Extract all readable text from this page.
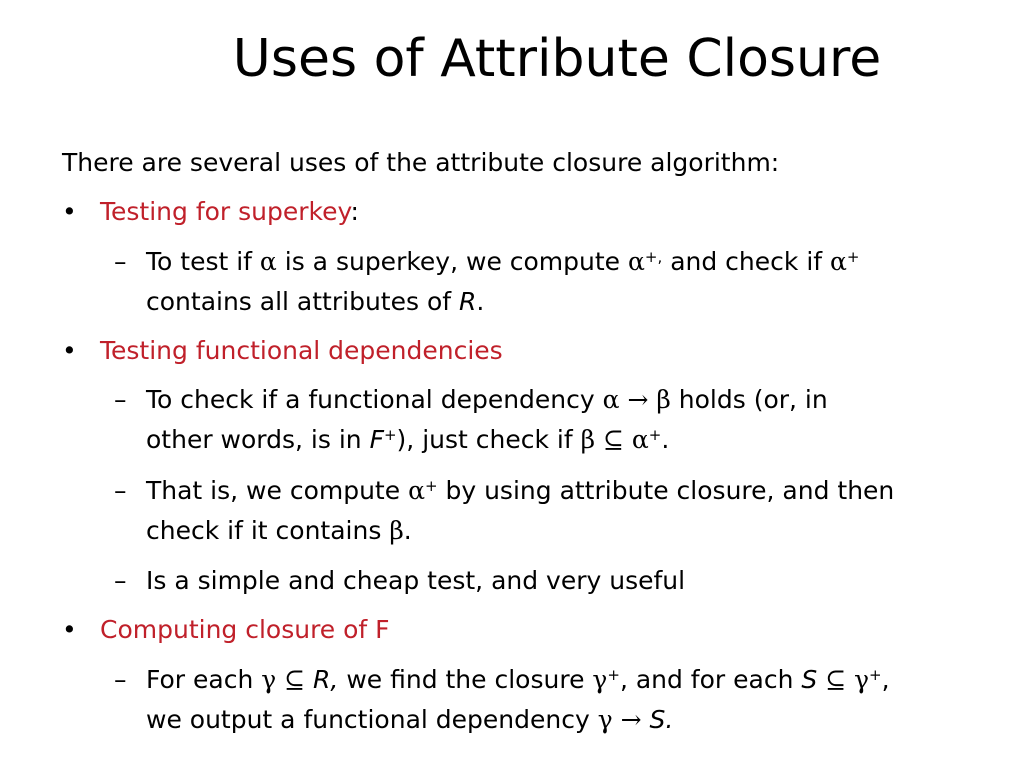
Uses of Attribute Closure
There are several uses of the attribute closure algorithm:
• Testing for superkey:
– To test if α is a superkey, we compute α+, and check if α+
contains all attributes of R.
• Testing functional dependencies
– To check if a functional dependency α → β holds (or, in
other words, is in F+), just check if β ⊆ α+.
– That is, we compute α+ by using attribute closure, and then
check if it contains β.
– Is a simple and cheap test, and very useful
• Computing closure of F
– For each γ ⊆ R, we find the closure γ+, and for each S ⊆ γ+,
we output a functional dependency γ → S.
